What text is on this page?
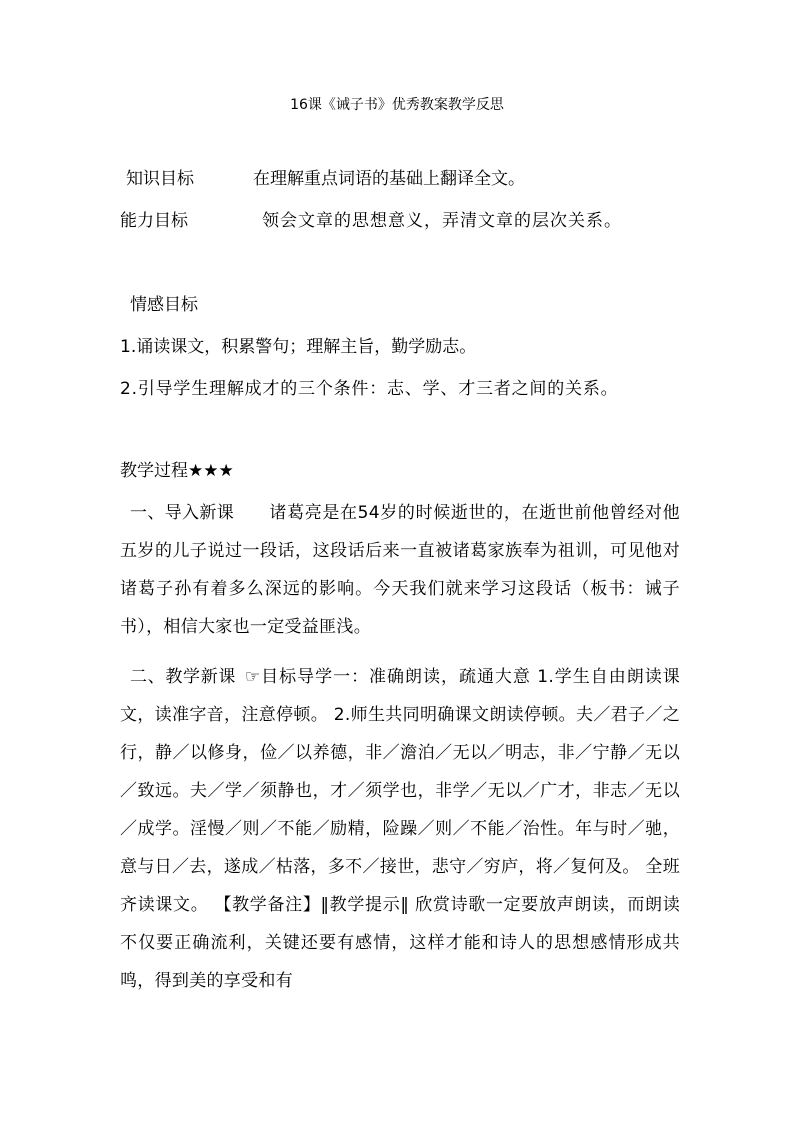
16课《诫子书》优秀教案教学反思
知识目标	在理解重点词语的基础上翻译全文。
能力目标	领会文章的思想意义，弄清文章的层次关系。
情感目标
1.诵读课文，积累警句；理解主旨，勤学励志。
2.引导学生理解成才的三个条件：志、学、才三者之间的关系。
教学过程★★★
一、导入新课　　 诸葛亮是在54岁的时候逝世的，在逝世前他曾经对他五岁的儿子说过一段话，这段话后来一直被诸葛家族奉为祖训，可见他对诸葛子孙有着多么深远的影响。今天我们就来学习这段话（板书：诫子书），相信大家也一定受益匪浅。
二、教学新课  ☞目标导学一：准确朗读，疏通大意 1.学生自由朗读课文，读准字音，注意停顿。 2.师生共同明确课文朗读停顿。夫／君子／之行，静／以修身，俭／以养德，非／澹泊／无以／明志，非／宁静／无以／致远。夫／学／须静也，才／须学也，非学／无以／广才，非志／无以／成学。淫慢／则／不能／励精，险躁／则／不能／治性。年与时／驰，意与日／去，遂成／枯落，多不／接世，悲守／穷庐，将／复何及。 全班齐读课文。 【教学备注】‖教学提示‖ 欣赏诗歌一定要放声朗读，而朗读不仅要正确流利，关键还要有感情，这样才能和诗人的思想感情形成共鸣，得到美的享受和有
